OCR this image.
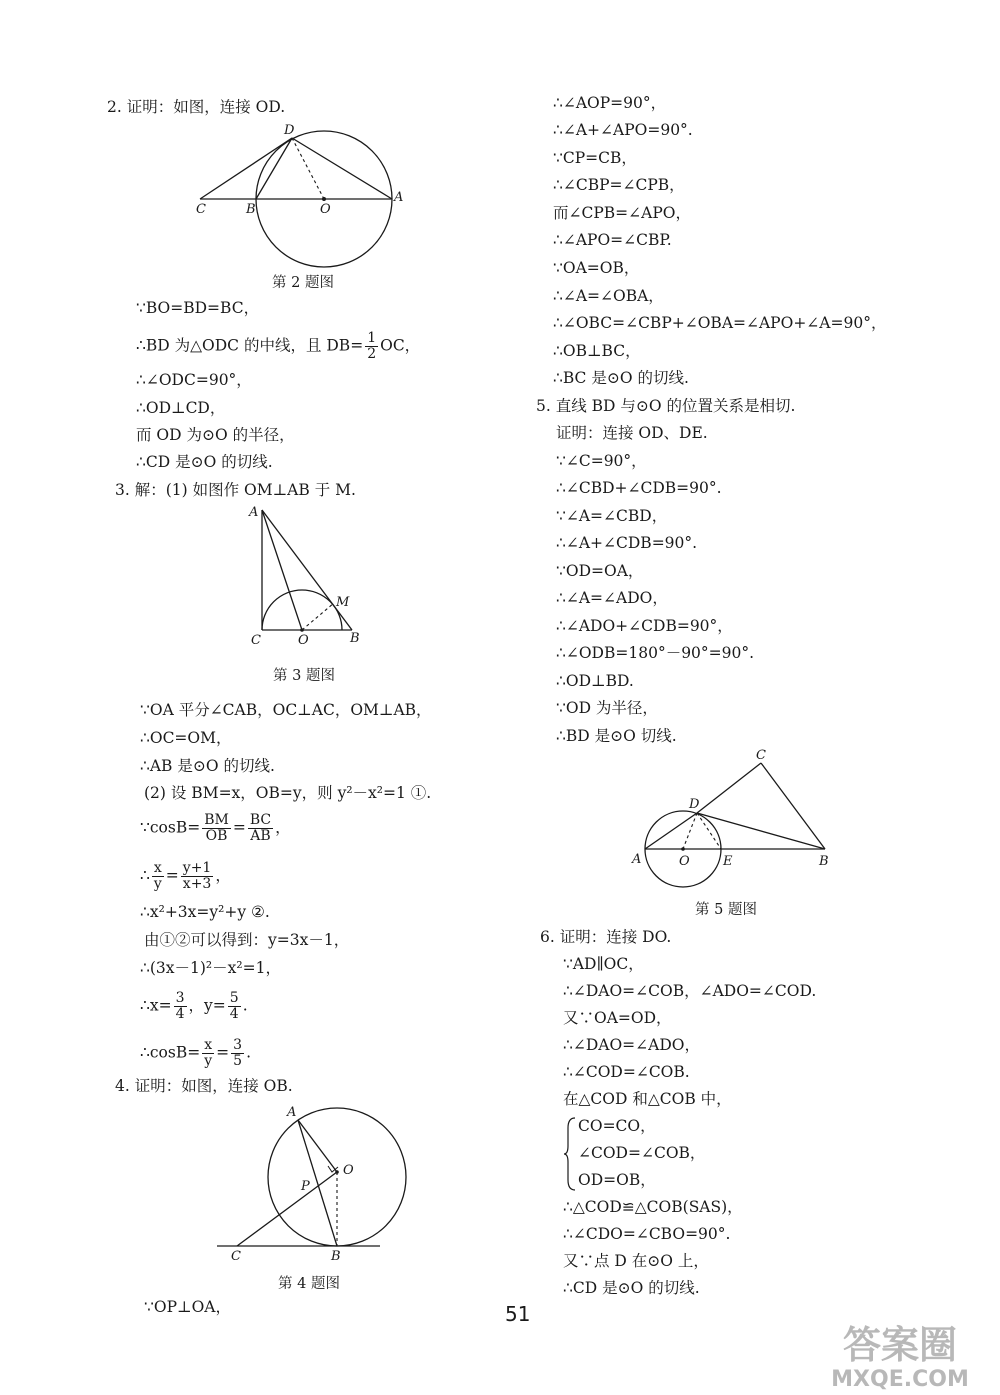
2. 证明：如图，连接 OD.
C	B	O
A
D
第 2 题图
∵BO=BD=BC，
∴BD 为△ODC 的中线，且 $DB= \frac{1}{2}$ OC，
∴∠ODC=90°，
∴OD⊥CD，
而 OD 为⊙O 的半径，
∴CD 是⊙O 的切线.
3. 解：(1) 如图作 OM⊥AB 于 M.
A
M
C	O	B
第 3 题图
∵OA 平分∠CAB，OC⊥AC，OM⊥AB，
∴OC=OM，
∴AB 是⊙O 的切线.
(2) 设 BM=x，OB=y，则 y²－x²=1 ①.
∵cosB= $\frac{BM}{OB} = \frac{BC}{AB}$ ，
∴ $\frac{x}{y} = \frac{y+1}{x+3}$ ，
∴x²+3x=y²+y ②.
由①②可以得到：y=3x－1，
∴(3x－1)²－x²=1，
∴x= $\frac{3}{4}$ ，$y= \frac{5}{4}$ .
∴cosB= $\frac{x}{y} = \frac{3}{5}$ .
4. 证明：如图，连接 OB.
A
O
P
C	B
第 4 题图
∵OP⊥OA，
∴∠AOP=90°，
∴∠A+∠APO=90°.
∵CP=CB，
∴∠CBP=∠CPB，
而∠CPB=∠APO，
∴∠APO=∠CBP.
∵OA=OB，
∴∠A=∠OBA，
∴∠OBC=∠CBP+∠OBA=∠APO+∠A=90°，
∴OB⊥BC，
∴BC 是⊙O 的切线.
5. 直线 BD 与⊙O 的位置关系是相切.
证明：连接 OD、DE.
∵∠C=90°，
∴∠CBD+∠CDB=90°.
∵∠A=∠CBD，
∴∠A+∠CDB=90°.
∵OD=OA，
∴∠A=∠ADO，
∴∠ADO+∠CDB=90°，
∴∠ODB=180°－90°=90°.
∴OD⊥BD.
∵OD 为半径，
∴BD 是⊙O 切线.
C
D
A	O	E	B
第 5 题图
6. 证明：连接 DO.
∵AD∥OC，
∴∠DAO=∠COB，∠ADO=∠COD.
又∵OA=OD，
∴∠DAO=∠ADO，
∴∠COD=∠COB.
在△COD 和△COB 中，
CO=CO，
∠COD=∠COB，
OD=OB，
∴△COD≌△COB(SAS)，
∴∠CDO=∠CBO=90°.
又∵点 D 在⊙O 上，
∴CD 是⊙O 的切线.
51
答案圈
MXQE.COM
